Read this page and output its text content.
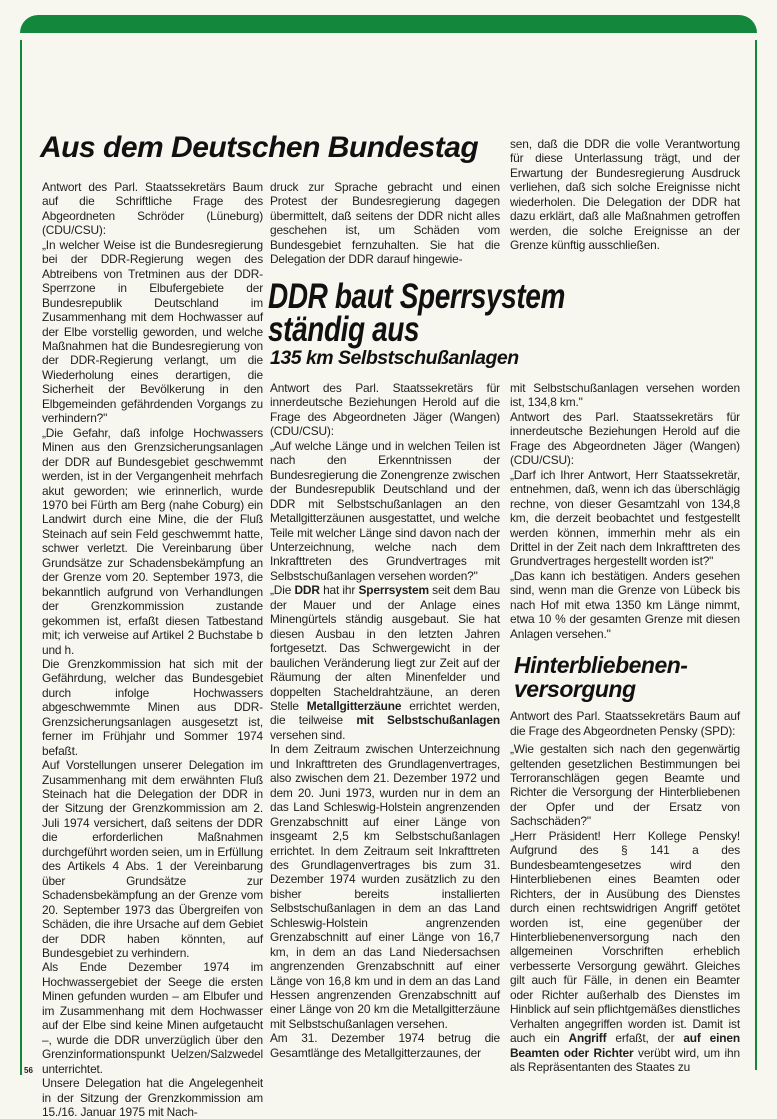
Aus dem Deutschen Bundestag

Antwort des Parl. Staatssekretärs Baum auf die Schriftliche Frage des Abgeordneten Schröder (Lüneburg) (CDU/CSU):

„In welcher Weise ist die Bundesregierung bei der DDR-Regierung wegen des Abtreibens von Tretminen aus der DDR-Sperrzone in Elbufergebiete der Bundesrepublik Deutschland im Zusammenhang mit dem Hochwasser auf der Elbe vorstellig geworden, und welche Maßnahmen hat die Bundesregierung von der DDR-Regierung verlangt, um die Wiederholung eines derartigen, die Sicherheit der Bevölkerung in den Elbgemeinden gefährdenden Vorgangs zu verhindern?"

„Die Gefahr, daß infolge Hochwassers Minen aus den Grenzsicherungsanlagen der DDR auf Bundesgebiet geschwemmt werden, ist in der Vergangenheit mehrfach akut geworden; wie erinnerlich, wurde 1970 bei Fürth am Berg (nahe Coburg) ein Landwirt durch eine Mine, die der Fluß Steinach auf sein Feld geschwemmt hatte, schwer verletzt. Die Vereinbarung über Grundsätze zur Schadensbekämpfung an der Grenze vom 20. September 1973, die bekanntlich aufgrund von Verhandlungen der Grenzkommission zustande gekommen ist, erfaßt diesen Tatbestand mit; ich verweise auf Artikel 2 Buchstabe b und h.

Die Grenzkommission hat sich mit der Gefährdung, welcher das Bundesgebiet durch infolge Hochwassers abgeschwemmte Minen aus DDR-Grenzsicherungsanlagen ausgesetzt ist, ferner im Frühjahr und Sommer 1974 befaßt.

Auf Vorstellungen unserer Delegation im Zusammenhang mit dem erwähnten Fluß Steinach hat die Delegation der DDR in der Sitzung der Grenzkommission am 2. Juli 1974 versichert, daß seitens der DDR die erforderlichen Maßnahmen durchgeführt worden seien, um in Erfüllung des Artikels 4 Abs. 1 der Vereinbarung über Grundsätze zur Schadensbekämpfung an der Grenze vom 20. September 1973 das Übergreifen von Schäden, die ihre Ursache auf dem Gebiet der DDR haben könnten, auf Bundesgebiet zu verhindern.

Als Ende Dezember 1974 im Hochwassergebiet der Seege die ersten Minen gefunden wurden – am Elbufer und im Zusammenhang mit dem Hochwasser auf der Elbe sind keine Minen aufgetaucht –, wurde die DDR unverzüglich über den Grenzinformationspunkt Uelzen/Salzwedel unterrichtet.

Unsere Delegation hat die Angelegenheit in der Sitzung der Grenzkommission am 15./16. Januar 1975 mit Nach-

druck zur Sprache gebracht und einen Protest der Bundesregierung dagegen übermittelt, daß seitens der DDR nicht alles geschehen ist, um Schäden vom Bundesgebiet fernzuhalten. Sie hat die Delegation der DDR darauf hingewie-

sen, daß die DDR die volle Verantwortung für diese Unterlassung trägt, und der Erwartung der Bundesregierung Ausdruck verliehen, daß sich solche Ereignisse nicht wiederholen. Die Delegation der DDR hat dazu erklärt, daß alle Maßnahmen getroffen werden, die solche Ereignisse an der Grenze künftig ausschließen.

DDR baut Sperrsystem ständig aus
135 km Selbstschußanlagen

Antwort des Parl. Staatssekretärs für innerdeutsche Beziehungen Herold auf die Frage des Abgeordneten Jäger (Wangen) (CDU/CSU):

„Auf welche Länge und in welchen Teilen ist nach den Erkenntnissen der Bundesregierung die Zonengrenze zwischen der Bundesrepublik Deutschland und der DDR mit Selbstschußanlagen an den Metallgitterzäunen ausgestattet, und welche Teile mit welcher Länge sind davon nach der Unterzeichnung, welche nach dem Inkrafttreten des Grundvertrages mit Selbstschußanlagen versehen worden?"

„Die DDR hat ihr Sperrsystem seit dem Bau der Mauer und der Anlage eines Minengürtels ständig ausgebaut. Sie hat diesen Ausbau in den letzten Jahren fortgesetzt. Das Schwergewicht in der baulichen Veränderung liegt zur Zeit auf der Räumung der alten Minenfelder und doppelten Stacheldrahtzäune, an deren Stelle Metallgitterzäune errichtet werden, die teilweise mit Selbstschußanlagen versehen sind.

In dem Zeitraum zwischen Unterzeichnung und Inkrafttreten des Grundlagenvertrages, also zwischen dem 21. Dezember 1972 und dem 20. Juni 1973, wurden nur in dem an das Land Schleswig-Holstein angrenzenden Grenzabschnitt auf einer Länge von insgeamt 2,5 km Selbstschußanlagen errichtet. In dem Zeitraum seit Inkrafttreten des Grundlagenvertrages bis zum 31. Dezember 1974 wurden zusätzlich zu den bisher bereits installierten Selbstschußanlagen in dem an das Land Schleswig-Holstein angrenzenden Grenzabschnitt auf einer Länge von 16,7 km, in dem an das Land Niedersachsen angrenzenden Grenzabschnitt auf einer Länge von 16,8 km und in dem an das Land Hessen angrenzenden Grenzabschnitt auf einer Länge von 20 km die Metallgitterzäune mit Selbstschußanlagen versehen.

Am 31. Dezember 1974 betrug die Gesamtlänge des Metallgitterzaunes, der

mit Selbstschußanlagen versehen worden ist, 134,8 km."

Antwort des Parl. Staatssekretärs für innerdeutsche Beziehungen Herold auf die Frage des Abgeordneten Jäger (Wangen) (CDU/CSU):

„Darf ich Ihrer Antwort, Herr Staatssekretär, entnehmen, daß, wenn ich das überschlägig rechne, von dieser Gesamtzahl von 134,8 km, die derzeit beobachtet und festgestellt werden können, immerhin mehr als ein Drittel in der Zeit nach dem Inkrafttreten des Grundvertrages hergestellt worden ist?"

„Das kann ich bestätigen. Anders gesehen sind, wenn man die Grenze von Lübeck bis nach Hof mit etwa 1350 km Länge nimmt, etwa 10 % der gesamten Grenze mit diesen Anlagen versehen."

Hinterbliebenen-
versorgung

Antwort des Parl. Staatssekretärs Baum auf die Frage des Abgeordneten Pensky (SPD):

„Wie gestalten sich nach den gegenwärtig geltenden gesetzlichen Bestimmungen bei Terroranschlägen gegen Beamte und Richter die Versorgung der Hinterbliebenen der Opfer und der Ersatz von Sachschäden?"

„Herr Präsident! Herr Kollege Pensky! Aufgrund des § 141 a des Bundesbeamtengesetzes wird den Hinterbliebenen eines Beamten oder Richters, der in Ausübung des Dienstes durch einen rechtswidrigen Angriff getötet worden ist, eine gegenüber der Hinterbliebenenversorgung nach den allgemeinen Vorschriften erheblich verbesserte Versorgung gewährt. Gleiches gilt auch für Fälle, in denen ein Beamter oder Richter außerhalb des Dienstes im Hinblick auf sein pflichtgemäßes dienstliches Verhalten angegriffen worden ist. Damit ist auch ein Angriff erfaßt, der auf einen Beamten oder Richter verübt wird, um ihn als Repräsentanten des Staates zu

56
